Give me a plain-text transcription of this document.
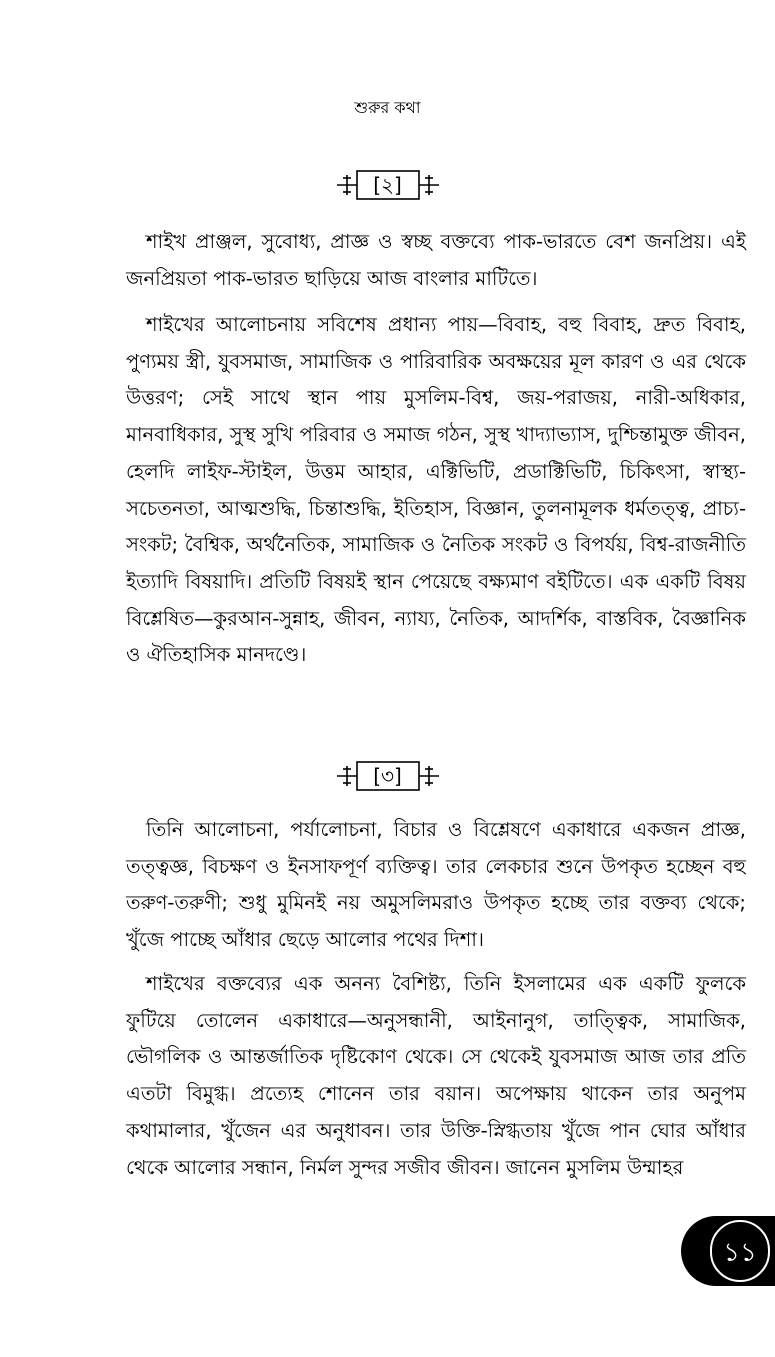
শুরুর কথা
[২]

শাইখ প্রাঞ্জল, সুবোধ্য, প্রাজ্ঞ ও স্বচ্ছ বক্তব্যে পাক-ভারতে বেশ জনপ্রিয়। এই জনপ্রিয়তা পাক-ভারত ছাড়িয়ে আজ বাংলার মাটিতে।

শাইখের আলোচনায় সবিশেষ প্রধান্য পায়—বিবাহ, বহু বিবাহ, দ্রুত বিবাহ, পুণ্যময় স্ত্রী, যুবসমাজ, সামাজিক ও পারিবারিক অবক্ষয়ের মূল কারণ ও এর থেকে উত্তরণ; সেই সাথে স্থান পায় মুসলিম-বিশ্ব, জয়-পরাজয়, নারী-অধিকার, মানবাধিকার, সুস্থ সুখি পরিবার ও সমাজ গঠন, সুস্থ খাদ্যাভ্যাস, দুশ্চিন্তামুক্ত জীবন, হেলদি লাইফ-স্টাইল, উত্তম আহার, এক্টিভিটি, প্রডাক্টিভিটি, চিকিৎসা, স্বাস্থ্য-সচেতনতা, আত্মশুদ্ধি, চিন্তাশুদ্ধি, ইতিহাস, বিজ্ঞান, তুলনামূলক ধর্মতত্ত্ব, প্রাচ্য-সংকট; বৈশ্বিক, অর্থনৈতিক, সামাজিক ও নৈতিক সংকট ও বিপর্যয়, বিশ্ব-রাজনীতি ইত্যাদি বিষয়াদি। প্রতিটি বিষয়ই স্থান পেয়েছে বক্ষ্যমাণ বইটিতে। এক একটি বিষয় বিশ্লেষিত—কুরআন-সুন্নাহ, জীবন, ন্যায্য, নৈতিক, আদর্শিক, বাস্তবিক, বৈজ্ঞানিক ও ঐতিহাসিক মানদণ্ডে।

[৩]

তিনি আলোচনা, পর্যালোচনা, বিচার ও বিশ্লেষণে একাধারে একজন প্রাজ্ঞ, তত্ত্বজ্ঞ, বিচক্ষণ ও ইনসাফপূর্ণ ব্যক্তিত্ব। তার লেকচার শুনে উপকৃত হচ্ছেন বহু তরুণ-তরুণী; শুধু মুমিনই নয় অমুসলিমরাও উপকৃত হচ্ছে তার বক্তব্য থেকে; খুঁজে পাচ্ছে আঁধার ছেড়ে আলোর পথের দিশা।

শাইখের বক্তব্যের এক অনন্য বৈশিষ্ট্য, তিনি ইসলামের এক একটি ফুলকে ফুটিয়ে তোলেন একাধারে—অনুসন্ধানী, আইনানুগ, তাত্ত্বিক, সামাজিক, ভৌগলিক ও আন্তর্জাতিক দৃষ্টিকোণ থেকে। সে থেকেই যুবসমাজ আজ তার প্রতি এতটা বিমুগ্ধ। প্রত্যেহ শোনেন তার বয়ান। অপেক্ষায় থাকেন তার অনুপম কথামালার, খুঁজেন এর অনুধাবন। তার উক্তি-স্নিগ্ধতায় খুঁজে পান ঘোর আঁধার থেকে আলোর সন্ধান, নির্মল সুন্দর সজীব জীবন। জানেন মুসলিম উম্মাহর

১১
